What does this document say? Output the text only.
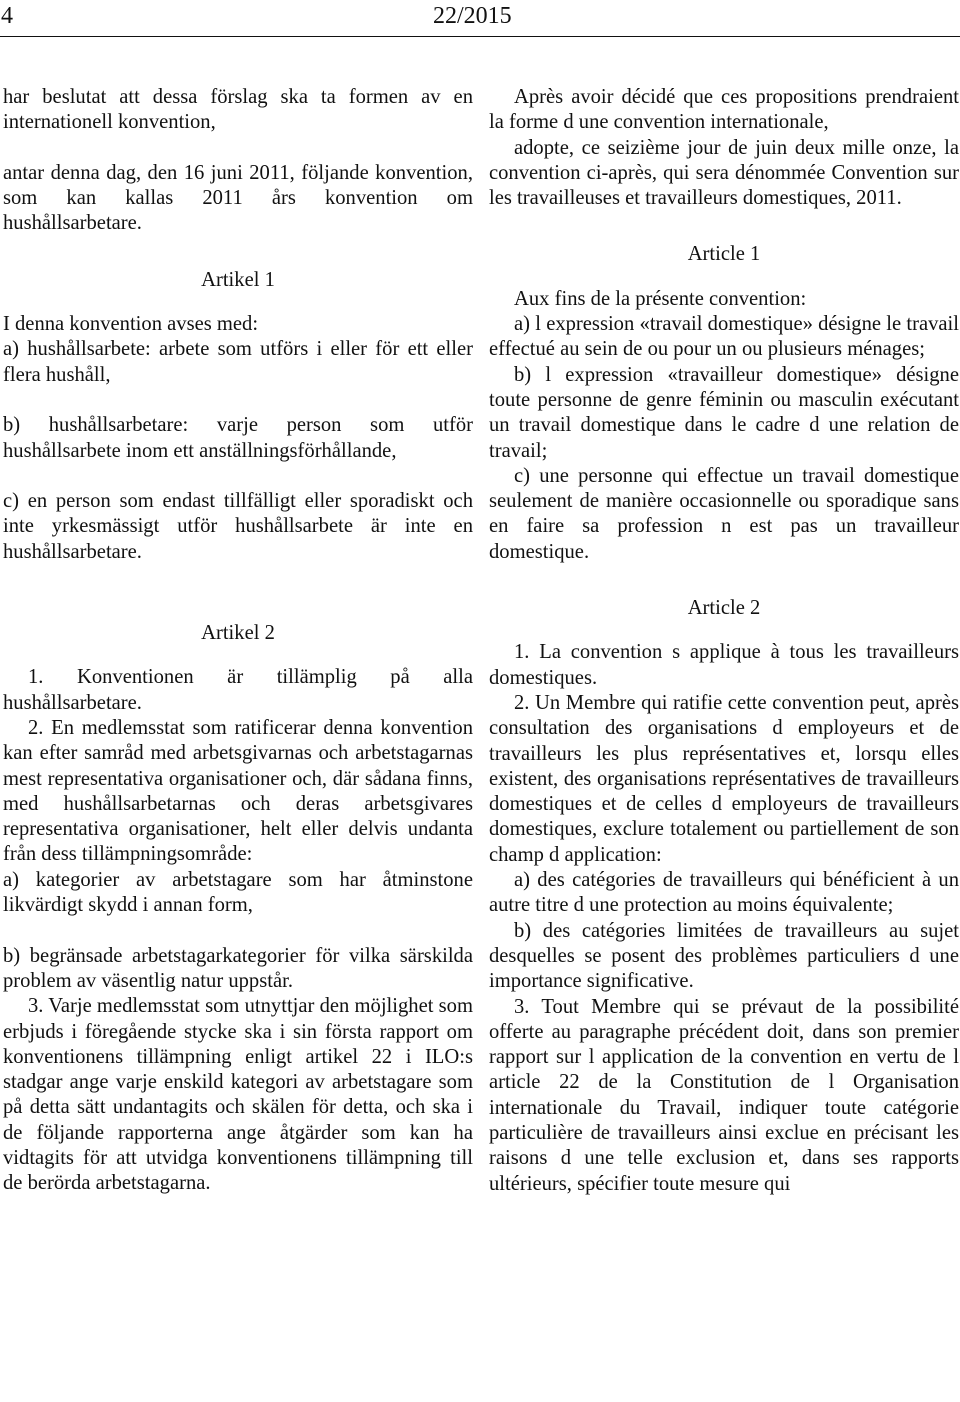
4	22/2015

har beslutat att dessa förslag ska ta formen av en internationell konvention,

antar denna dag, den 16 juni 2011, följande konvention, som kan kallas 2011 års konvention om hushållsarbetare.

Artikel 1

I denna konvention avses med:

a) hushållsarbete: arbete som utförs i eller för ett eller flera hushåll,

b) hushållsarbetare: varje person som utför hushållsarbete inom ett anställningsförhållande,

c) en person som endast tillfälligt eller sporadiskt och inte yrkesmässigt utför hushållsarbete är inte en hushållsarbetare.

Artikel 2

1. Konventionen är tillämplig på alla hushållsarbetare.

2. En medlemsstat som ratificerar denna konvention kan efter samråd med arbetsgivarnas och arbetstagarnas mest representativa organisationer och, där sådana finns, med hushållsarbetarnas och deras arbetsgivares representativa organisationer, helt eller delvis undanta från dess tillämpningsområde:

a) kategorier av arbetstagare som har åtminstone likvärdigt skydd i annan form,

b) begränsade arbetstagarkategorier för vilka särskilda problem av väsentlig natur uppstår.

3. Varje medlemsstat som utnyttjar den möjlighet som erbjuds i föregående stycke ska i sin första rapport om konventionens tillämpning enligt artikel 22 i ILO:s stadgar ange varje enskild kategori av arbetstagare som på detta sätt undantagits och skälen för detta, och ska i de följande rapporterna ange åtgärder som kan ha vidtagits för att utvidga konventionens tillämpning till de berörda arbetstagarna.

Après avoir décidé que ces propositions prendraient la forme d une convention internationale,

adopte, ce seizième jour de juin deux mille onze, la convention ci-après, qui sera dénommée Convention sur les travailleuses et travailleurs domestiques, 2011.

Article 1

Aux fins de la présente convention:

a) l expression «travail domestique» désigne le travail effectué au sein de ou pour un ou plusieurs ménages;

b) l expression «travailleur domestique» désigne toute personne de genre féminin ou masculin exécutant un travail domestique dans le cadre d une relation de travail;

c) une personne qui effectue un travail domestique seulement de manière occasionnelle ou sporadique sans en faire sa profession n est pas un travailleur domestique.

Article 2

1. La convention s applique à tous les travailleurs domestiques.

2. Un Membre qui ratifie cette convention peut, après consultation des organisations d employeurs et de travailleurs les plus représentatives et, lorsqu elles existent, des organisations représentatives de travailleurs domestiques et de celles d employeurs de travailleurs domestiques, exclure totalement ou partiellement de son champ d application:

a) des catégories de travailleurs qui bénéficient à un autre titre d une protection au moins équivalente;

b) des catégories limitées de travailleurs au sujet desquelles se posent des problèmes particuliers d une importance significative.

3. Tout Membre qui se prévaut de la possibilité offerte au paragraphe précédent doit, dans son premier rapport sur l application de la convention en vertu de l article 22 de la Constitution de l Organisation internationale du Travail, indiquer toute catégorie particulière de travailleurs ainsi exclue en précisant les raisons d une telle exclusion et, dans ses rapports ultérieurs, spécifier toute mesure qui
